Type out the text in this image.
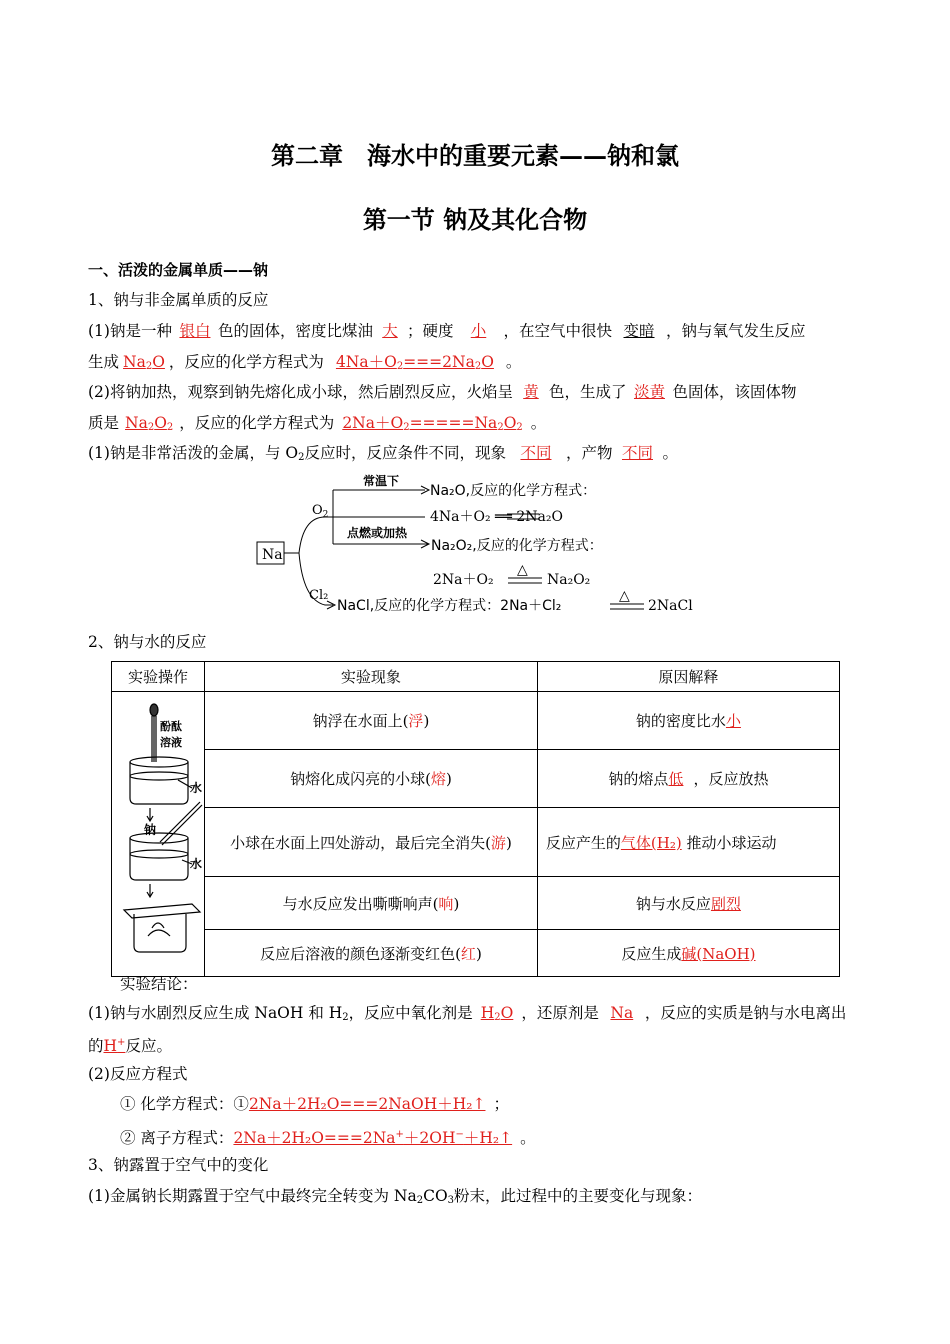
第二章　海水中的重要元素——钠和氯
第一节 钠及其化合物
一、活泼的金属单质——钠
1、钠与非金属单质的反应
(1)钠是一种 银白 色的固体，密度比煤油 大 ；硬度 小 ，在空气中很快 变暗 ，钠与氧气发生反应
生成 $Na_2O$ ，反应的化学方程式为 $4Na+O_2===2Na_2O$ 。
(2)将钠加热，观察到钠先熔化成小球，然后剧烈反应，火焰呈 黄 色，生成了 淡黄 色固体，该固体物
质是 $Na_2O_2$ ，反应的化学方程式为 $2Na+O_2=====Na_2O_2$ 。
(1)钠是非常活泼的金属，与 $O_2$反应时，反应条件不同，现象 不同 ，产物 不同 。
Na
$O_2$
常温下
Na₂O,反应的化学方程式：
4Na＋O₂ ══ 2Na₂O
点燃或加热
Na₂O₂,反应的化学方程式：
2Na＋O₂
△
Na₂O₂
Cl₂
NaCl,反应的化学方程式：2Na＋Cl₂
△
2NaCl
2、钠与水的反应
实验操作	实验现象	原因解释

酚酞
溶液
水
钠
水	钠浮在水面上(浮)	钠的密度比水小
	钠熔化成闪亮的小球(熔)	钠的熔点低 ，反应放热
	小球在水面上四处游动，最后完全消失(游)	反应产生的气体(H₂) 推动小球运动
	与水反应发出嘶嘶响声(响)	钠与水反应剧烈
	反应后溶液的颜色逐渐变红色(红)	反应生成碱(NaOH)
实验结论：
(1)钠与水剧烈反应生成 NaOH 和 $H_2$，反应中氧化剂是 $H_2O$ ，还原剂是 Na ，反应的实质是钠与水电离出
的H+反应。
(2)反应方程式
① 化学方程式：①2Na＋2H₂O===2NaOH＋H₂↑ ；
② 离子方程式：2Na＋2H₂O===2Na+＋2OH−＋H₂↑ 。
3、钠露置于空气中的变化
(1)金属钠长期露置于空气中最终完全转变为 $Na_2CO_3$粉末，此过程中的主要变化与现象：
